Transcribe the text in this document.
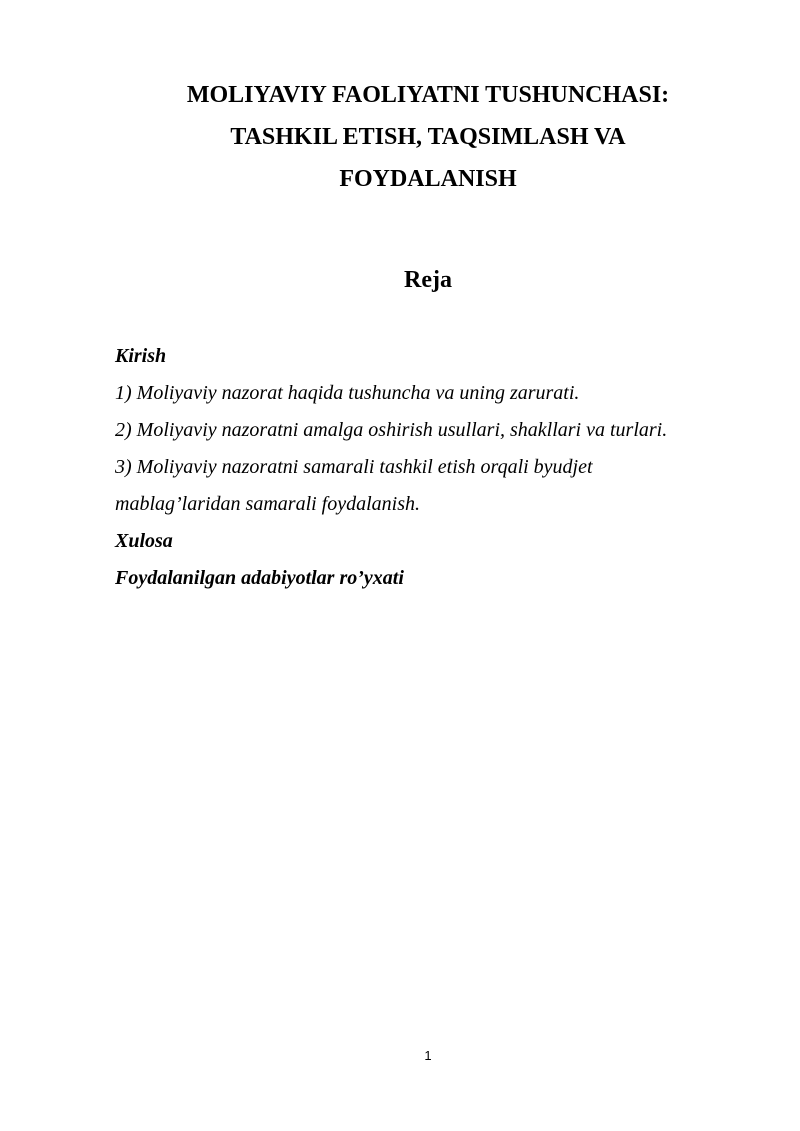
MOLIYAVIY FAOLIYATNI TUSHUNCHASI:
TASHKIL ETISH, TAQSIMLASH VA
FOYDALANISH
Reja
Kirish
1) Moliyaviy nazorat haqida tushuncha va uning zarurati.
2) Moliyaviy nazoratni amalga oshirish usullari, shakllari va turlari.
3) Moliyaviy nazoratni samarali tashkil etish orqali byudjet
mablag’laridan samarali foydalanish.
Xulosa
Foydalanilgan adabiyotlar ro’yxati
1
